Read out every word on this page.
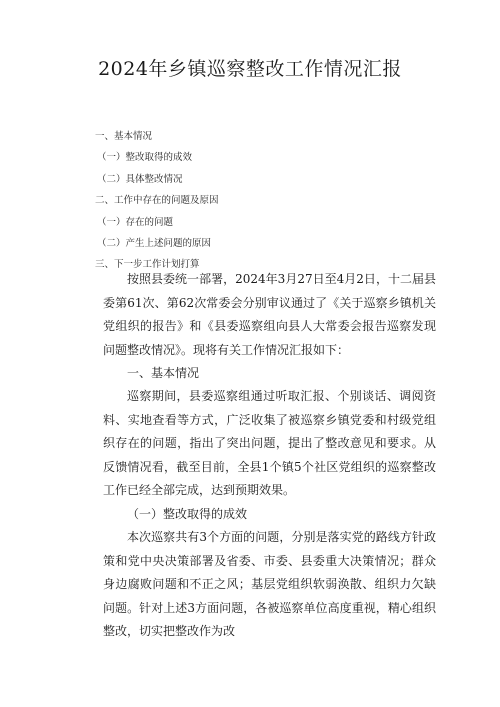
2024年乡镇巡察整改工作情况汇报
一、基本情况
（一）整改取得的成效
（二）具体整改情况
二、工作中存在的问题及原因
（一）存在的问题
（二）产生上述问题的原因
三、下一步工作计划打算

按照县委统一部署，2024年3月27日至4月2日，十二届县委第61次、第62次常委会分别审议通过了《关于巡察乡镇机关党组织的报告》和《县委巡察组向县人大常委会报告巡察发现问题整改情况》。现将有关工作情况汇报如下：

一、基本情况

巡察期间，县委巡察组通过听取汇报、个别谈话、调阅资料、实地查看等方式，广泛收集了被巡察乡镇党委和村级党组织存在的问题，指出了突出问题，提出了整改意见和要求。从反馈情况看，截至目前，全县1个镇5个社区党组织的巡察整改工作已经全部完成，达到预期效果。

（一）整改取得的成效

本次巡察共有3个方面的问题，分别是落实党的路线方针政策和党中央决策部署及省委、市委、县委重大决策情况；群众身边腐败问题和不正之风；基层党组织软弱涣散、组织力欠缺问题。针对上述3方面问题，各被巡察单位高度重视，精心组织整改，切实把整改作为改
